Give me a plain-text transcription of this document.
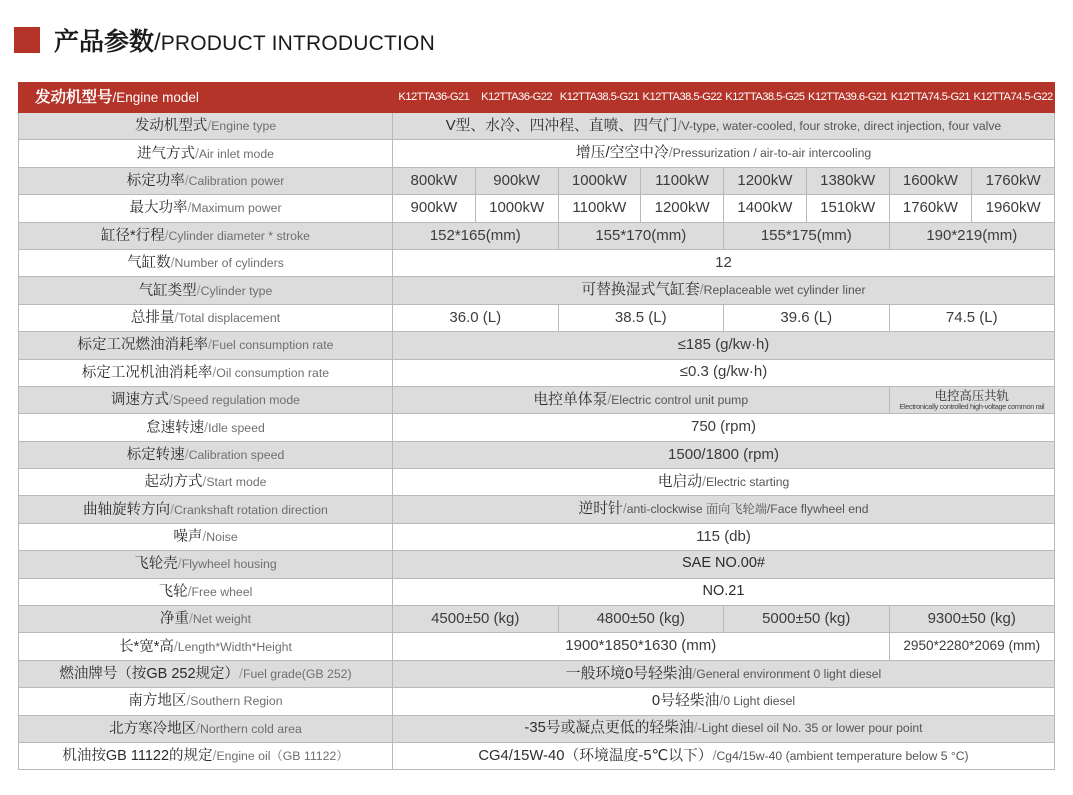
产品参数/PRODUCT INTRODUCTION
发动机型号/Engine model	K12TTA36-G21	K12TTA36-G22	K12TTA38.5-G21	K12TTA38.5-G22	K12TTA38.5-G25	K12TTA39.6-G21	K12TTA74.5-G21	K12TTA74.5-G22
发动机型式/Engine type	V型、水冷、四冲程、直喷、四气门/V-type, water-cooled, four stroke, direct injection, four valve							
进气方式/Air inlet mode	增压/空空中冷/Pressurization / air-to-air intercooling							
标定功率/Calibration power	800kW	900kW	1000kW	1100kW	1200kW	1380kW	1600kW	1760kW
最大功率/Maximum power	900kW	1000kW	1100kW	1200kW	1400kW	1510kW	1760kW	1960kW
缸径*行程/Cylinder diameter * stroke	152*165(mm)		155*170(mm)		155*175(mm)		190*219(mm)	
气缸数/Number of cylinders	12							
气缸类型/Cylinder type	可替换湿式气缸套/Replaceable wet cylinder liner							
总排量/Total displacement	36.0 (L)		38.5 (L)		39.6 (L)		74.5 (L)	
标定工况燃油消耗率/Fuel consumption rate	≤185 (g/kw·h)							
标定工况机油消耗率/Oil consumption rate	≤0.3 (g/kw·h)							
调速方式/Speed regulation mode	电控单体泵/Electric control unit pump						电控高压共轨
Electronically controlled high-voltage common rail	

怠速转速/Idle speed	750 (rpm)							
标定转速/Calibration speed	1500/1800 (rpm)							
起动方式/Start mode	电启动/Electric starting							
曲轴旋转方向/Crankshaft rotation direction	逆时针/anti-clockwise 面向飞轮端/Face flywheel end							
噪声/Noise	115 (db)							
飞轮壳/Flywheel housing	SAE NO.00#							
飞轮/Free wheel	NO.21							
净重/Net weight	4500±50 (kg)		4800±50 (kg)		5000±50 (kg)		9300±50 (kg)	
长*宽*高/Length*Width*Height	1900*1850*1630 (mm)						2950*2280*2069 (mm)	
燃油牌号（按GB 252规定）/Fuel grade(GB 252)	一般环境0号轻柴油/General environment 0 light diesel							
南方地区/Southern Region	0号轻柴油/0 Light diesel							
北方寒冷地区/Northern cold area	-35号或凝点更低的轻柴油/-Light diesel oil No. 35 or lower pour point							
机油按GB 11122的规定/Engine oil（GB 11122）	CG4/15W-40（环境温度-5℃以下）/Cg4/15w-40 (ambient temperature below 5 °C)							
